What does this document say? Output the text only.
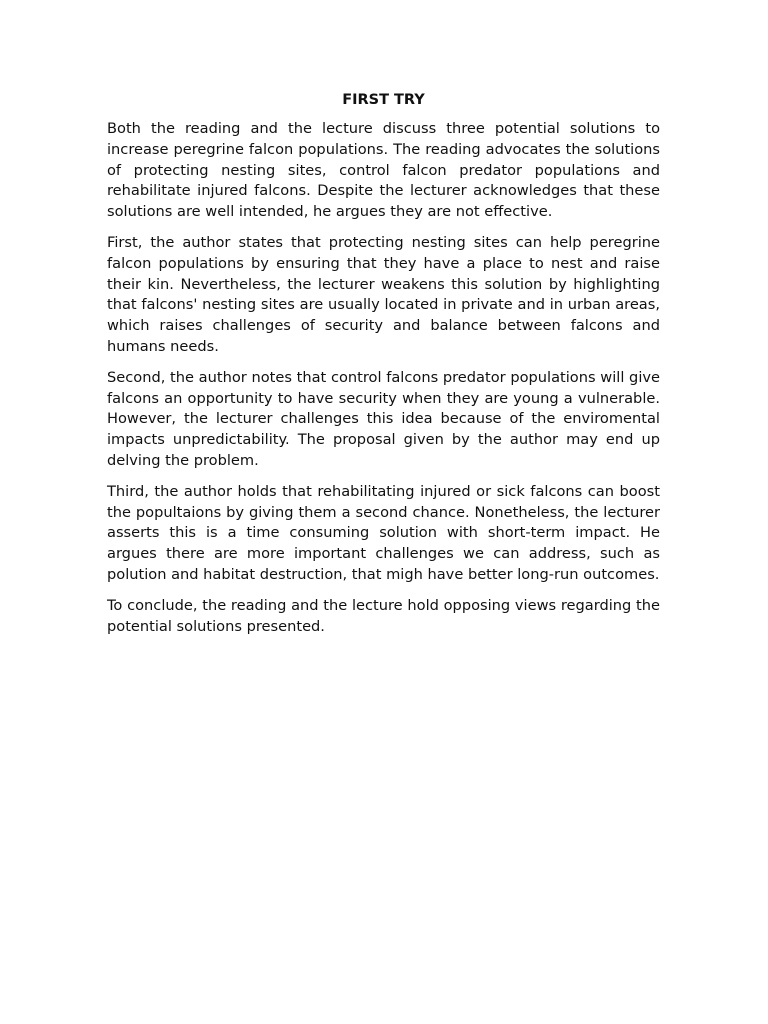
FIRST TRY

Both the reading and the lecture discuss three potential solutions to increase peregrine falcon populations. The reading advocates the solutions of protecting nesting sites, control falcon predator populations and rehabilitate injured falcons. Despite the lecturer acknowledges that these solutions are well intended, he argues they are not effective.

First, the author states that protecting nesting sites can help peregrine falcon populations by ensuring that they have a place to nest and raise their kin. Nevertheless, the lecturer weakens this solution by highlighting that falcons' nesting sites are usually located in private and in urban areas, which raises challenges of security and balance between falcons and humans needs.

Second, the author notes that control falcons predator populations will give falcons an opportunity to have security when they are young a vulnerable. However, the lecturer challenges this idea because of the enviromental impacts unpredictability. The proposal given by the author may end up delving the problem.

Third, the author holds that rehabilitating injured or sick falcons can boost the popultaions by giving them a second chance. Nonetheless, the lecturer asserts this is a time consuming solution with short-term impact. He argues there are more important challenges we can address, such as polution and habitat destruction, that migh have better long-run outcomes.

To conclude, the reading and the lecture hold opposing views regarding the potential solutions presented.
